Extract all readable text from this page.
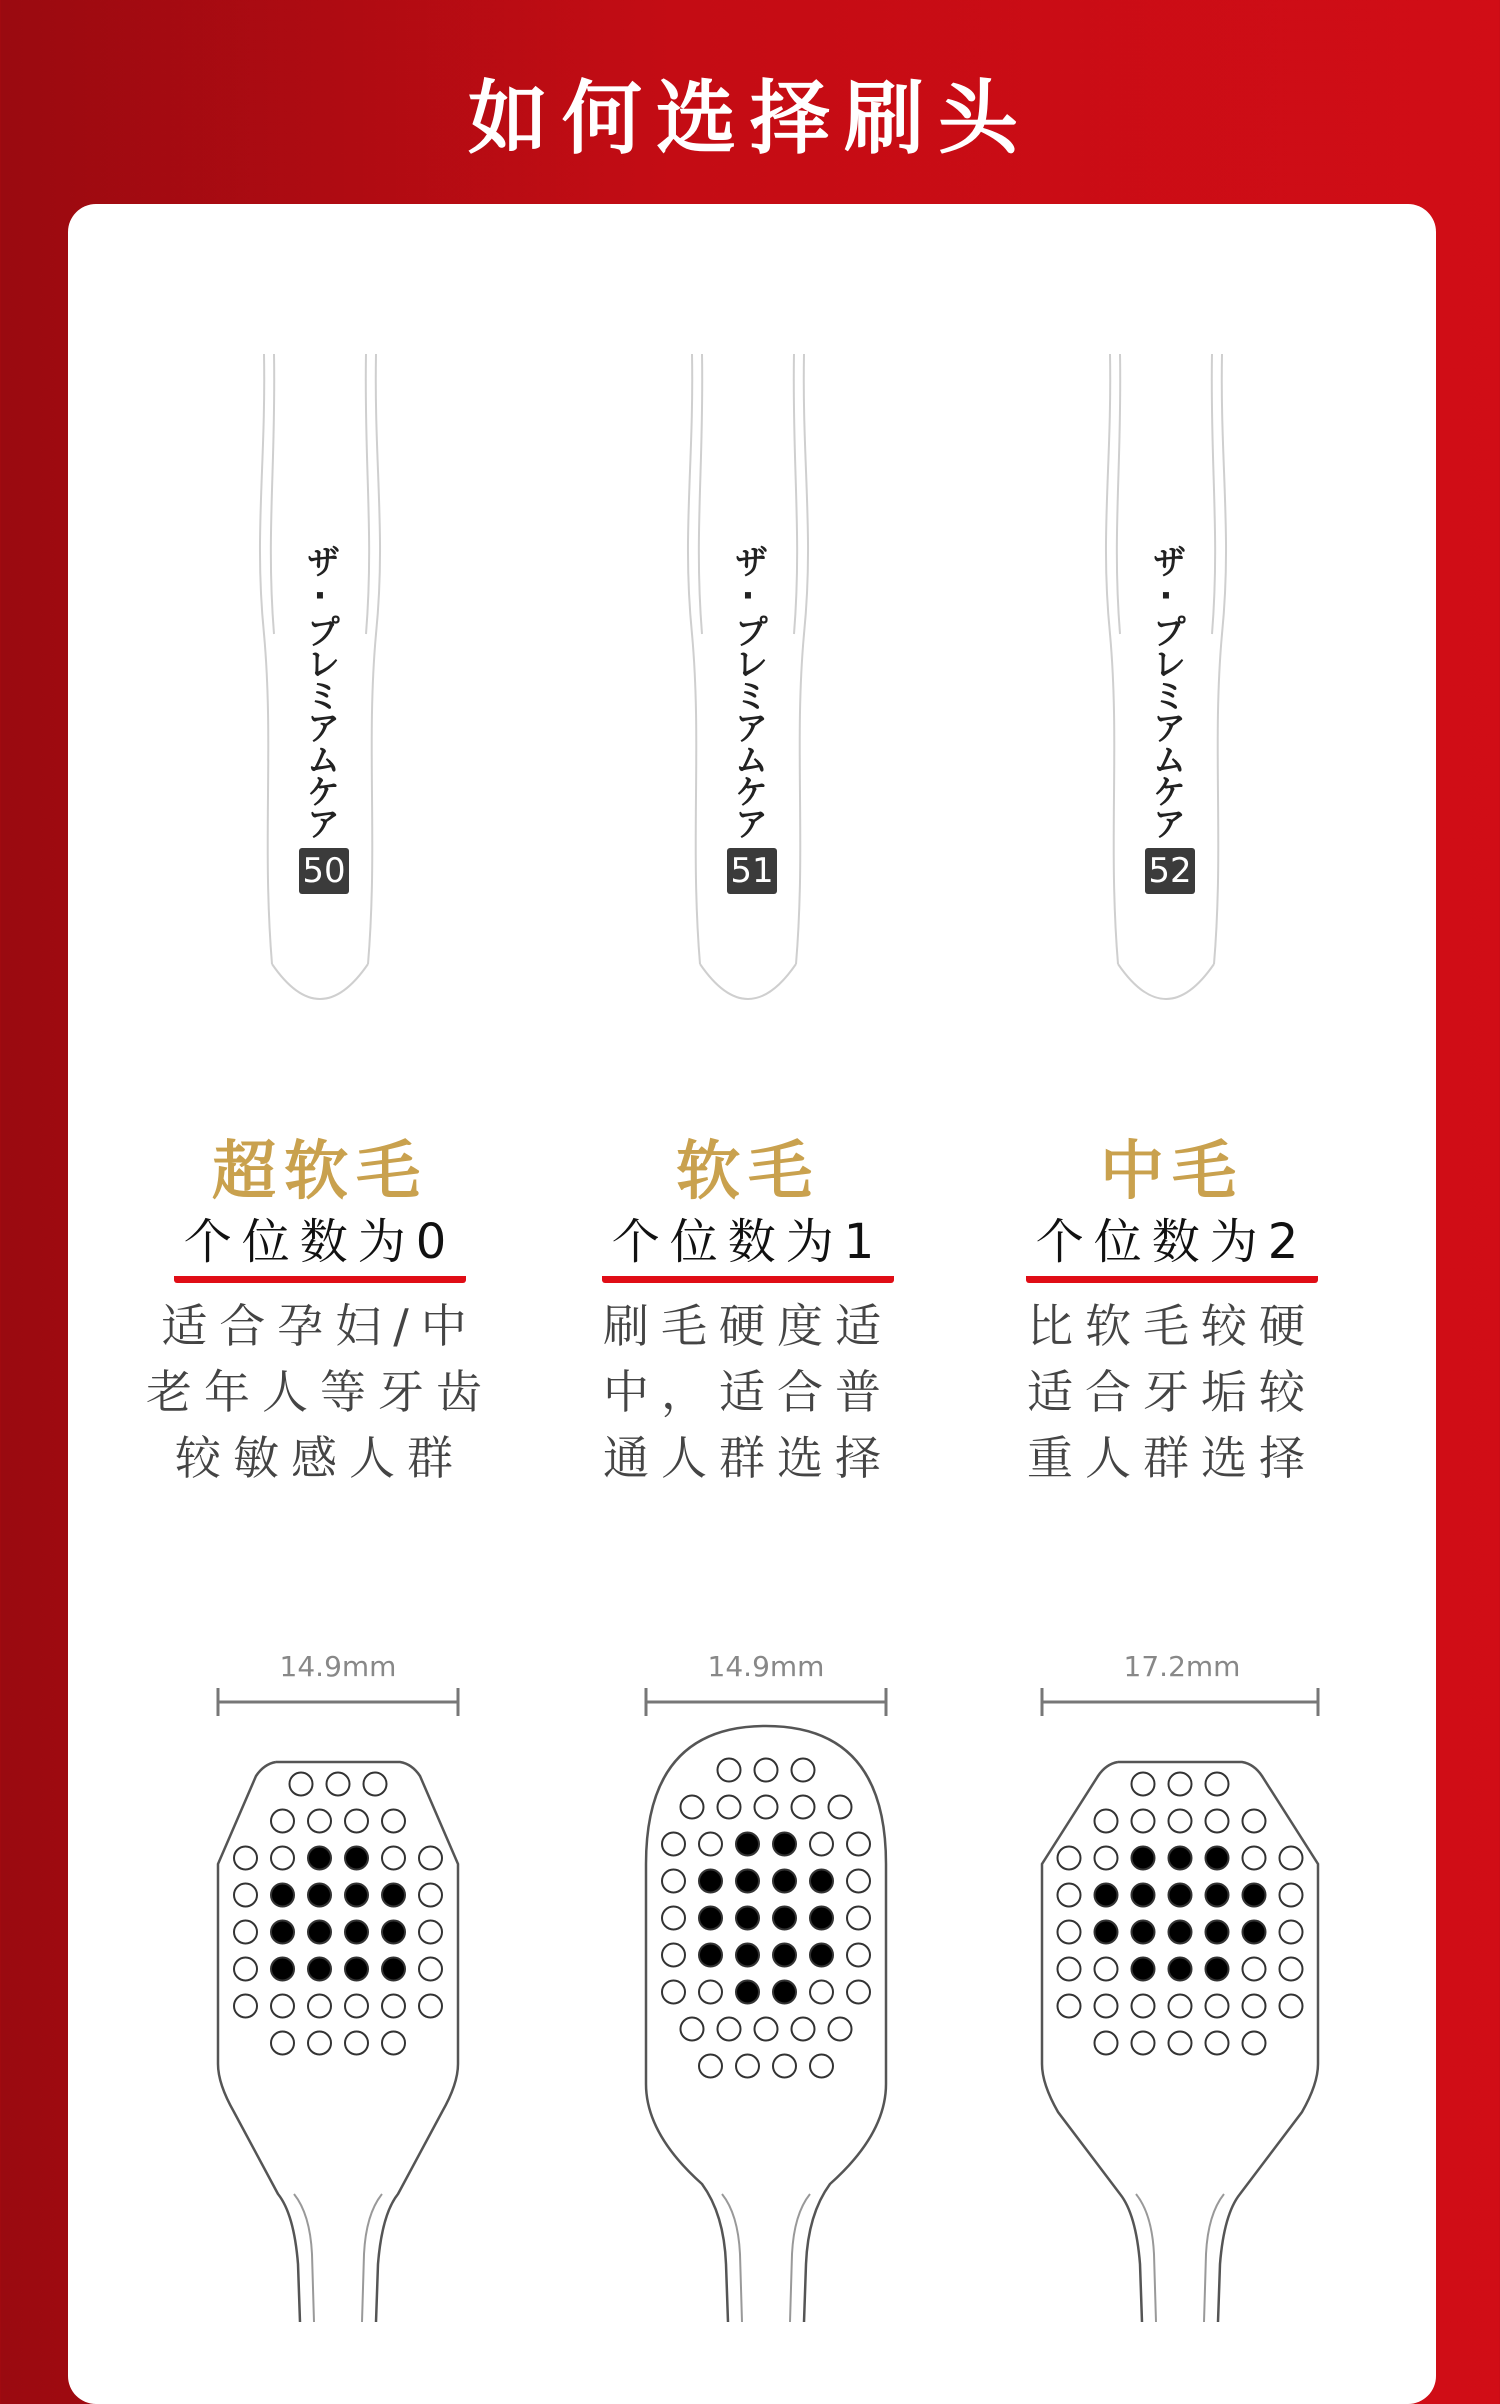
如何选择刷头
ザ·プレミアムケア
50
ザ·プレミアムケア
51
ザ·プレミアムケア
52
超软毛
个位数为0
适合孕妇/中
老年人等牙齿
较敏感人群
软毛
个位数为1
刷毛硬度适
中，适合普
通人群选择
中毛
个位数为2
比软毛较硬
适合牙垢较
重人群选择
14.9mm	14.9mm	17.2mm
